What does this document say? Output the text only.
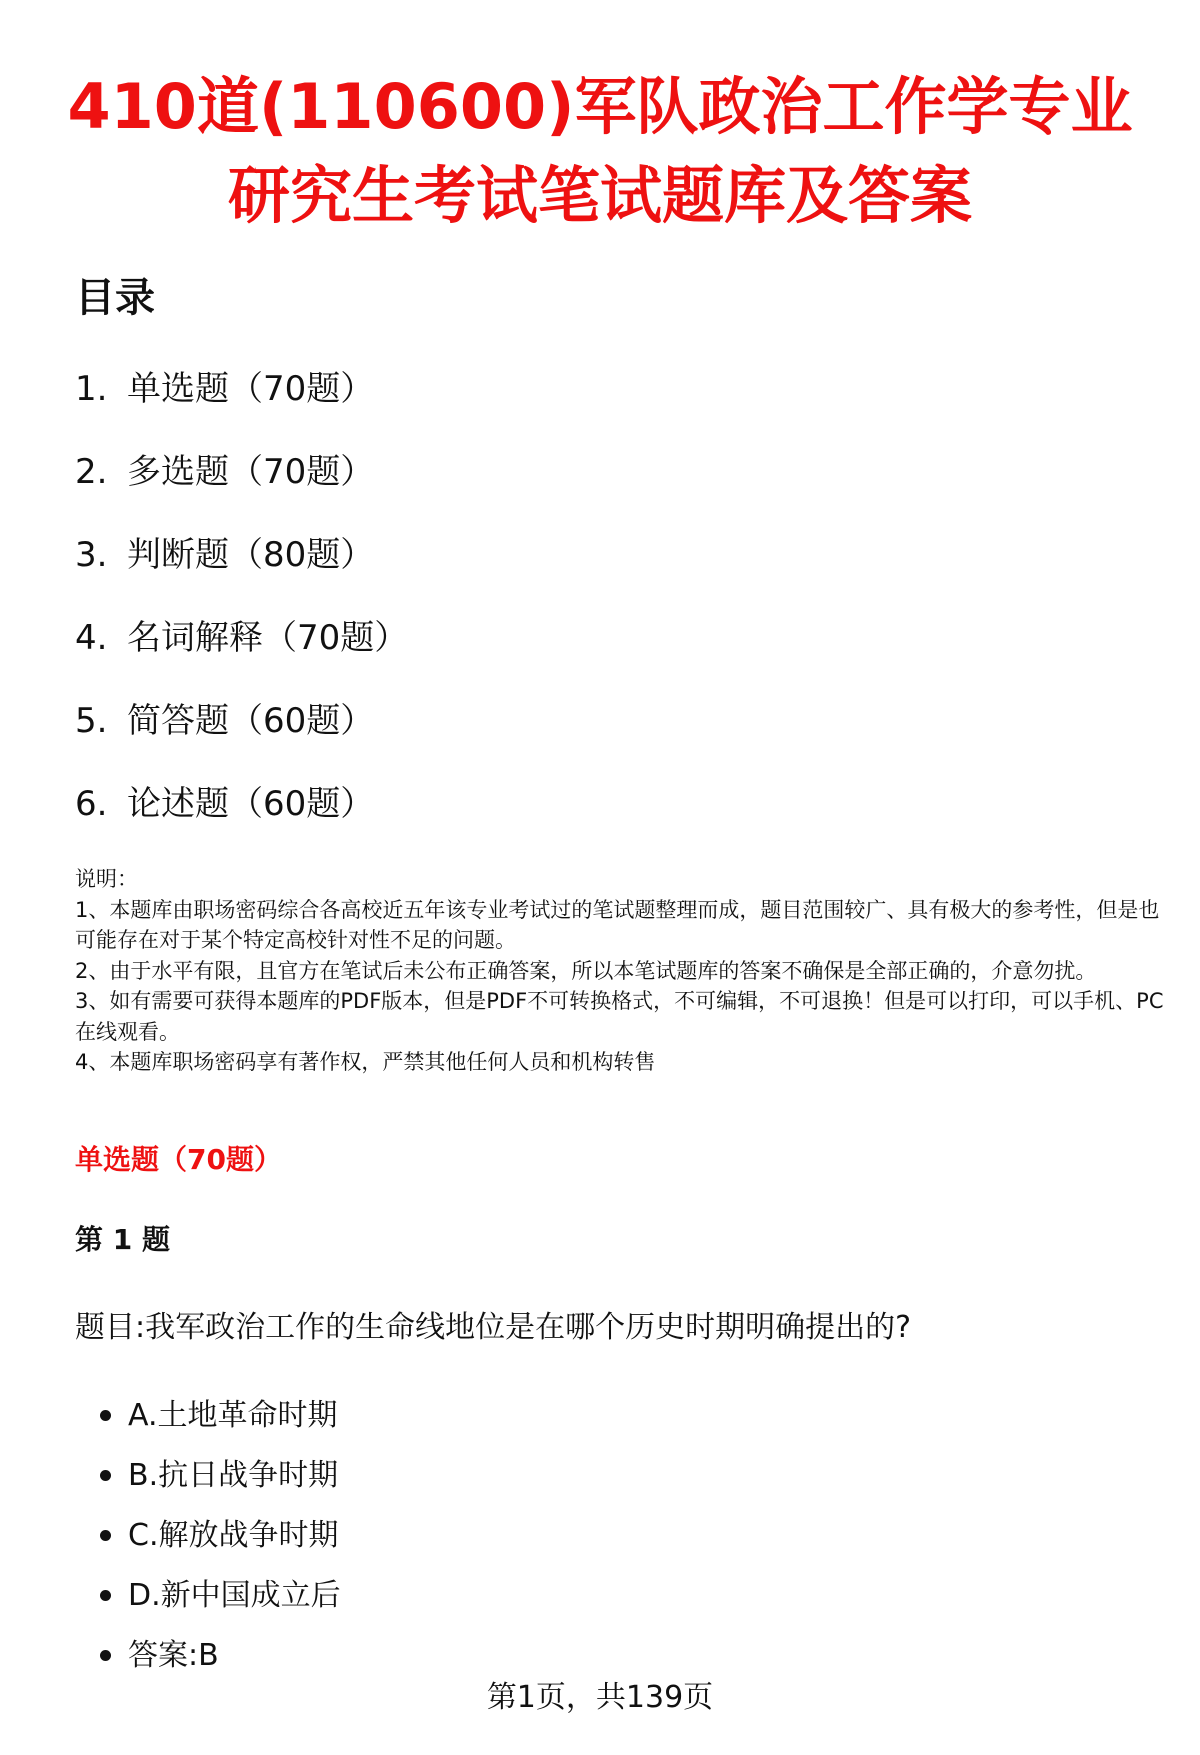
410道(110600)军队政治工作学专业研究生考试笔试题库及答案
目录
1. 单选题（70题）
2. 多选题（70题）
3. 判断题（80题）
4. 名词解释（70题）
5. 简答题（60题）
6. 论述题（60题）

说明：

1、本题库由职场密码综合各高校近五年该专业考试过的笔试题整理而成，题目范围较广、具有极大的参考性，但是也可能存在对于某个特定高校针对性不足的问题。

2、由于水平有限，且官方在笔试后未公布正确答案，所以本笔试题库的答案不确保是全部正确的，介意勿扰。

3、如有需要可获得本题库的PDF版本，但是PDF不可转换格式，不可编辑，不可退换！但是可以打印，可以手机、PC在线观看。

4、本题库职场密码享有著作权，严禁其他任何人员和机构转售

单选题（70题）
第 1 题

题目:我军政治工作的生命线地位是在哪个历史时期明确提出的?

A.土地革命时期
B.抗日战争时期
C.解放战争时期
D.新中国成立后
答案:B
第1页，共139页
